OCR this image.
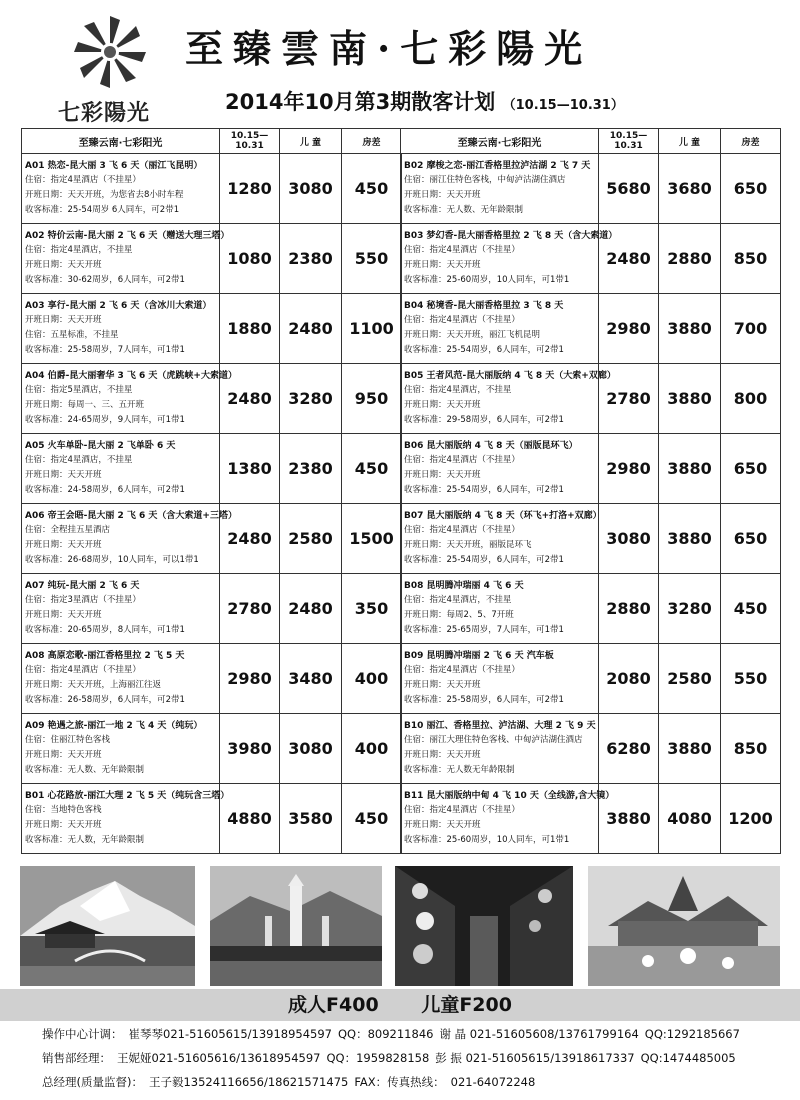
七彩陽光
至臻雲南·七彩陽光
2014年10月第3期散客计划 （10.15—10.31）
至臻云南·七彩阳光	10.15—10.31	儿 童	房差

A01 热恋-昆大丽 3 飞 6 天（丽江飞昆明）
住宿：指定4星酒店（不挂星）
开班日期：天天开班，为您省去8小时车程
收客标准：25-54周岁 6人同车，可2带1	1280	3080	450

A02 特价云南-昆大丽 2 飞 6 天（赠送大理三塔）
住宿：指定4星酒店，不挂星
开班日期：天天开班
收客标准：30-62周岁，6人同车，可2带1	1080	2380	550

A03 享行-昆大丽 2 飞 6 天（含冰川大索道）
开班日期：天天开班
住宿：五星标准，不挂星
收客标准：25-58周岁，7人同车，可1带1	1880	2480	1100

A04 伯爵-昆大丽奢华 3 飞 6 天（虎跳峡+大索道）
住宿：指定5星酒店，不挂星
开班日期：每周一、三、五开班
收客标准：24-65周岁，9人同车，可1带1	2480	3280	950

A05 火车单卧-昆大丽 2 飞单卧 6 天
住宿：指定4星酒店，不挂星
开班日期：天天开班
收客标准：24-58周岁，6人同车，可2带1	1380	2380	450

A06 帝王会晤-昆大丽 2 飞 6 天（含大索道+三塔）
住宿：全程挂五星酒店
开班日期：天天开班
收客标准：26-68周岁，10人同车，可以1带1	2480	2580	1500

A07 纯玩-昆大丽 2 飞 6 天
住宿：指定3星酒店（不挂星）
开班日期：天天开班
收客标准：20-65周岁，8人同车，可1带1	2780	2480	350

A08 高原恋歌-丽江香格里拉 2 飞 5 天
住宿：指定4星酒店（不挂星）
开班日期：天天开班，上海丽江往返
收客标准：26-58周岁，6人同车，可2带1	2980	3480	400

A09 艳遇之旅-丽江一地 2 飞 4 天（纯玩）
住宿：住丽江特色客栈
开班日期：天天开班
收客标准：无人数、无年龄限制	3980	3080	400

B01 心花路放-丽江大理 2 飞 5 天（纯玩含三塔）
住宿：当地特色客栈
开班日期：天天开班
收客标准：无人数，无年龄限制	4880	3580	450
至臻云南·七彩阳光	10.15—10.31	儿 童	房差

B02 摩梭之恋-丽江香格里拉泸沽湖 2 飞 7 天
住宿：丽江住特色客栈，中甸泸沽湖住酒店
开班日期：天天开班
收客标准：无人数、无年龄限制	5680	3680	650

B03 梦幻香-昆大丽香格里拉 2 飞 8 天（含大索道）
住宿：指定4星酒店（不挂星）
开班日期：天天开班
收客标准：25-60周岁，10人同车，可1带1	2480	2880	850

B04 秘境香-昆大丽香格里拉 3 飞 8 天
住宿：指定4星酒店（不挂星）
开班日期：天天开班，丽江飞机昆明
收客标准：25-54周岁，6人同车，可2带1	2980	3880	700

B05 王者风范-昆大丽版纳 4 飞 8 天（大索+双廊）
住宿：指定4星酒店，不挂星
开班日期：天天开班
收客标准：29-58周岁，6人同车，可2带1	2780	3880	800

B06 昆大丽版纳 4 飞 8 天（丽版昆环飞）
住宿：指定4星酒店（不挂星）
开班日期：天天开班
收客标准：25-54周岁，6人同车，可2带1	2980	3880	650

B07 昆大丽版纳 4 飞 8 天（环飞+打洛+双廊）
住宿：指定4星酒店（不挂星）
开班日期：天天开班，丽版昆环飞
收客标准：25-54周岁，6人同车，可2带1	3080	3880	650

B08 昆明腾冲瑞丽 4 飞 6 天
住宿：指定4星酒店，不挂星
开班日期：每周2、5、7开班
收客标准：25-65周岁，7人同车，可1带1	2880	3280	450

B09 昆明腾冲瑞丽 2 飞 6 天 汽车板
住宿：指定4星酒店（不挂星）
开班日期：天天开班
收客标准：25-58周岁，6人同车，可2带1	2080	2580	550

B10 丽江、香格里拉、泸沽湖、大理 2 飞 9 天
住宿：丽江大理住特色客栈、中甸泸沽湖住酒店
开班日期：天天开班
收客标准：无人数无年龄限制	6280	3880	850

B11 昆大丽版纳中甸 4 飞 10 天（全线游,含大镜）
住宿：指定4星酒店（不挂星）
开班日期：天天开班
收客标准：25-60周岁，10人同车，可1带1	3880	4080	1200
成人F400 儿童F200
操作中心计调： 崔琴琴021-51605615/13918954597 QQ：809211846 谢 晶 021-51605608/13761799164 QQ:1292185667
销售部经理： 王妮娅021-51605616/13618954597 QQ：1959828158 彭 振 021-51605615/13918617337 QQ:1474485005
总经理(质量监督)： 王子毅13524116656/18621571475 FAX：传真热线： 021-64072248
